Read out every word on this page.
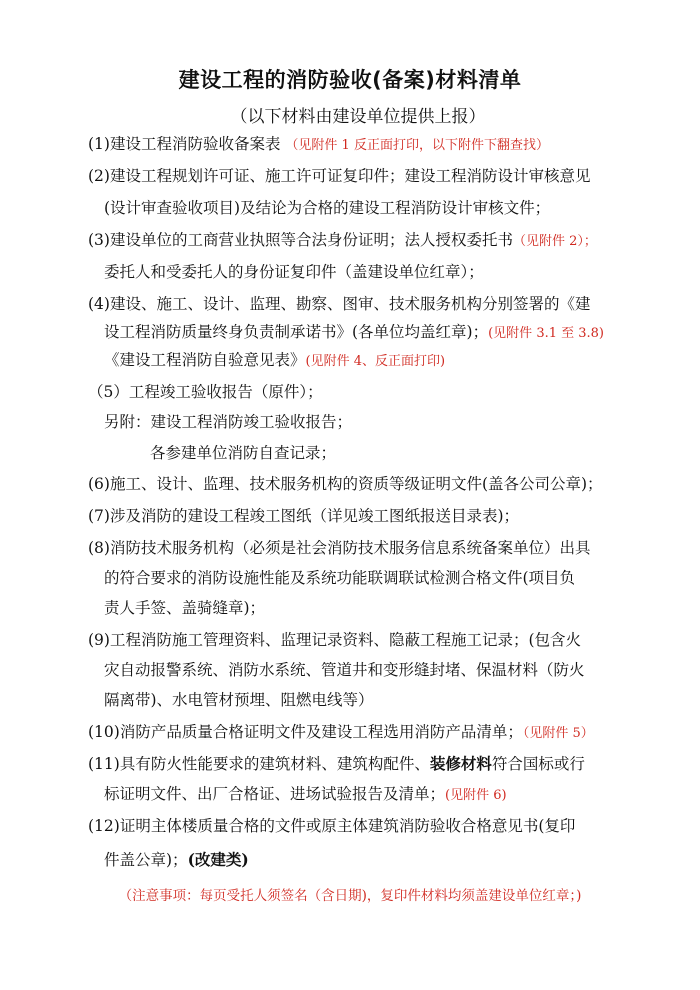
建设工程的消防验收(备案)材料清单
（以下材料由建设单位提供上报）
(1)建设工程消防验收备案表 （见附件 1 反正面打印，以下附件下翻查找）
(2)建设工程规划许可证、施工许可证复印件；建设工程消防设计审核意见
(设计审查验收项目)及结论为合格的建设工程消防设计审核文件；
(3)建设单位的工商营业执照等合法身份证明；法人授权委托书（见附件 2）；
委托人和受委托人的身份证复印件（盖建设单位红章）；
(4)建设、施工、设计、监理、勘察、图审、技术服务机构分别签署的《建
设工程消防质量终身负责制承诺书》(各单位均盖红章)；(见附件 3.1 至 3.8)
《建设工程消防自验意见表》(见附件 4、反正面打印)
（5）工程竣工验收报告（原件）；
另附：建设工程消防竣工验收报告；
各参建单位消防自查记录；
(6)施工、设计、监理、技术服务机构的资质等级证明文件(盖各公司公章)；
(7)涉及消防的建设工程竣工图纸（详见竣工图纸报送目录表)；
(8)消防技术服务机构（必须是社会消防技术服务信息系统备案单位）出具
的符合要求的消防设施性能及系统功能联调联试检测合格文件(项目负
责人手签、盖骑缝章)；
(9)工程消防施工管理资料、监理记录资料、隐蔽工程施工记录；(包含火
灾自动报警系统、消防水系统、管道井和变形缝封堵、保温材料（防火
隔离带)、水电管材预埋、阻燃电线等）
(10)消防产品质量合格证明文件及建设工程选用消防产品清单；（见附件 5）
(11)具有防火性能要求的建筑材料、建筑构配件、装修材料符合国标或行
标证明文件、出厂合格证、进场试验报告及清单；(见附件 6)
(12)证明主体楼质量合格的文件或原主体建筑消防验收合格意见书(复印
件盖公章)；(改建类)
（注意事项：每页受托人须签名（含日期)，复印件材料均须盖建设单位红章；)
